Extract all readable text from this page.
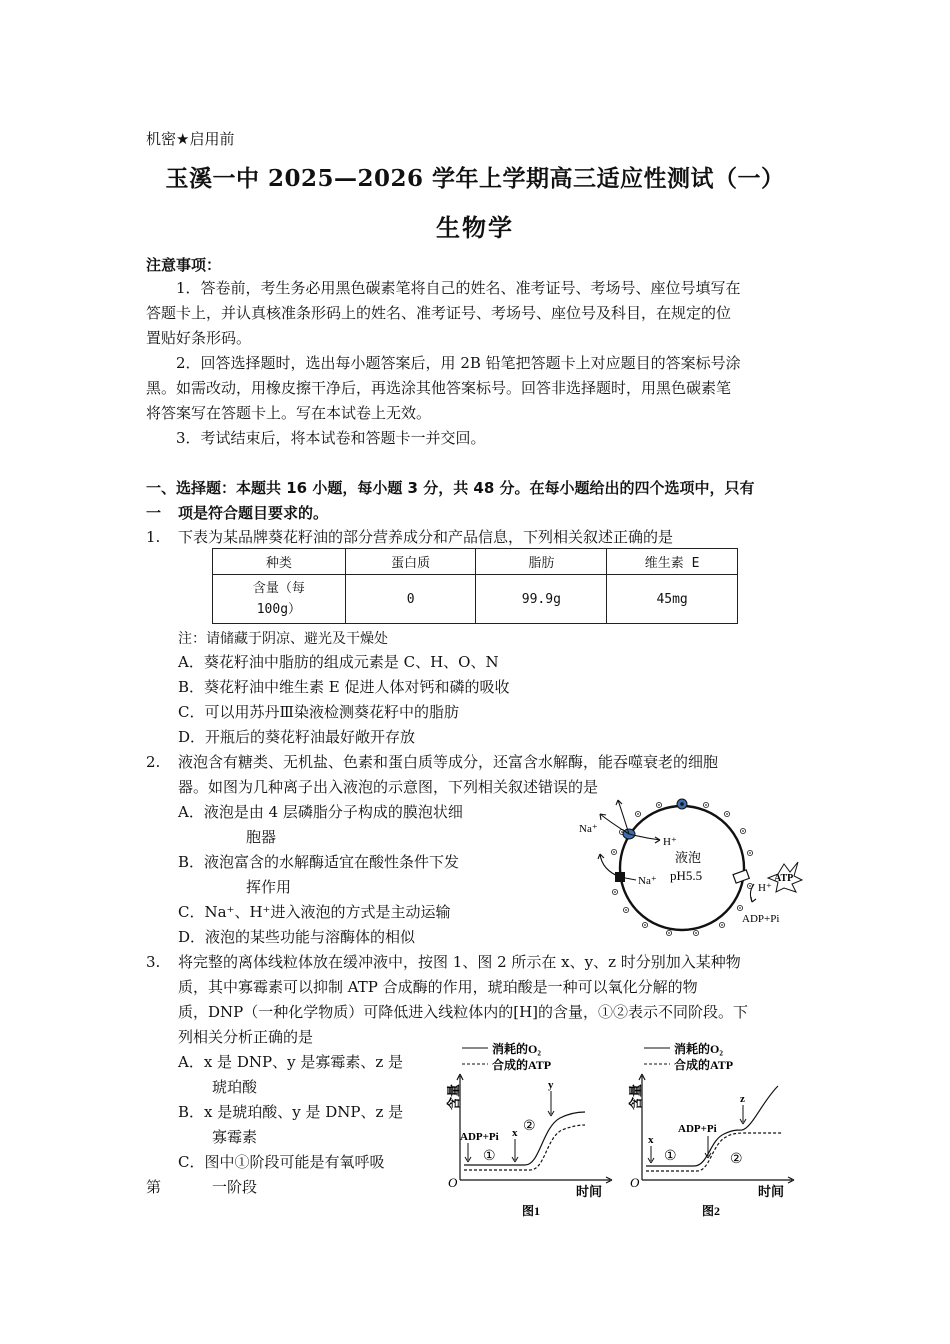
机密★启用前
玉溪一中 2025—2026 学年上学期高三适应性测试（一）
生物学
注意事项：
1．答卷前，考生务必用黑色碳素笔将自己的姓名、准考证号、考场号、座位号填写在
答题卡上，并认真核准条形码上的姓名、准考证号、考场号、座位号及科目，在规定的位
置贴好条形码。
2．回答选择题时，选出每小题答案后，用 2B 铅笔把答题卡上对应题目的答案标号涂
黑。如需改动，用橡皮擦干净后，再选涂其他答案标号。回答非选择题时，用黑色碳素笔
将答案写在答题卡上。写在本试卷上无效。
3．考试结束后，将本试卷和答题卡一并交回。
一、选择题：本题共 16 小题，每小题 3 分，共 48 分。在每小题给出的四个选项中，只有
一 项是符合题目要求的。
1. 下表为某品牌葵花籽油的部分营养成分和产品信息，下列相关叙述正确的是
种类	蛋白质	脂肪	维生素 E
含量（每
100g）	0	99.9g	45mg
注：请储藏于阴凉、避光及干燥处
A．葵花籽油中脂肪的组成元素是 C、H、O、N
B．葵花籽油中维生素 E 促进人体对钙和磷的吸收
C．可以用苏丹Ⅲ染液检测葵花籽中的脂肪
D．开瓶后的葵花籽油最好敞开存放
2. 液泡含有糖类、无机盐、色素和蛋白质等成分，还富含水解酶，能吞噬衰老的细胞
器。如图为几种离子出入液泡的示意图，下列相关叙述错误的是
A．液泡是由 4 层磷脂分子构成的膜泡状细
胞器
B．液泡富含的水解酶适宜在酸性条件下发
挥作用
C．Na⁺、H⁺进入液泡的方式是主动运输
D．液泡的某些功能与溶酶体的相似
Na⁺
H⁺
Na⁺
液泡
pH5.5	ATP
H⁺
ADP+Pi
3. 将完整的离体线粒体放在缓冲液中，按图 1、图 2 所示在 x、y、z 时分别加入某种物
质，其中寡霉素可以抑制 ATP 合成酶的作用，琥珀酸是一种可以氧化分解的物
质，DNP（一种化学物质）可降低进入线粒体内的[H]的含量，①②表示不同阶段。下
列相关分析正确的是
A．x 是 DNP、y 是寡霉素、z 是
琥珀酸
B．x 是琥珀酸、y 是 DNP、z 是
寡霉素
C．图中①阶段可能是有氧呼吸
第	一阶段
消耗的O₂
合成的ATP
含量
O
时间
ADP+Pi x
y
①
②
图1
消耗的O₂
合成的ATP
含量
O
时间
ADP+Pi
x
z
①	②
图2
